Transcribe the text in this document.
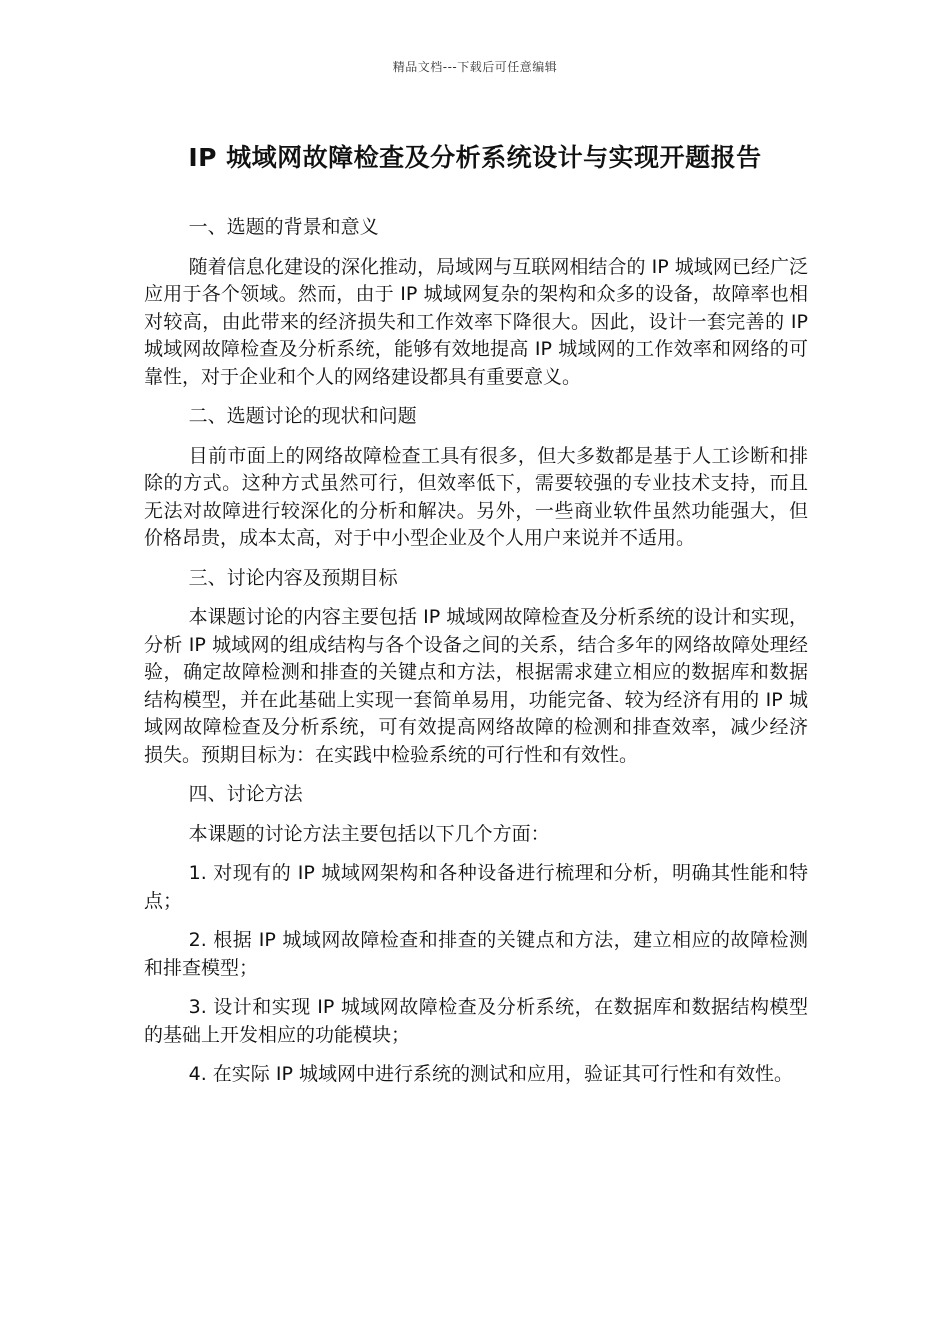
精品文档---下载后可任意编辑
IP 城域网故障检查及分析系统设计与实现开题报告

一、选题的背景和意义

随着信息化建设的深化推动，局域网与互联网相结合的 IP 城域网已经广泛应用于各个领域。然而，由于 IP 城域网复杂的架构和众多的设备，故障率也相对较高，由此带来的经济损失和工作效率下降很大。因此，设计一套完善的 IP 城域网故障检查及分析系统，能够有效地提高 IP 城域网的工作效率和网络的可靠性，对于企业和个人的网络建设都具有重要意义。

二、选题讨论的现状和问题

目前市面上的网络故障检查工具有很多，但大多数都是基于人工诊断和排除的方式。这种方式虽然可行，但效率低下，需要较强的专业技术支持，而且无法对故障进行较深化的分析和解决。另外，一些商业软件虽然功能强大，但价格昂贵，成本太高，对于中小型企业及个人用户来说并不适用。

三、讨论内容及预期目标

本课题讨论的内容主要包括 IP 城域网故障检查及分析系统的设计和实现，分析 IP 城域网的组成结构与各个设备之间的关系，结合多年的网络故障处理经验，确定故障检测和排查的关键点和方法，根据需求建立相应的数据库和数据结构模型，并在此基础上实现一套简单易用，功能完备、较为经济有用的 IP 城域网故障检查及分析系统，可有效提高网络故障的检测和排查效率，减少经济损失。预期目标为：在实践中检验系统的可行性和有效性。

四、讨论方法

本课题的讨论方法主要包括以下几个方面：

1. 对现有的 IP 城域网架构和各种设备进行梳理和分析，明确其性能和特点；

2. 根据 IP 城域网故障检查和排查的关键点和方法，建立相应的故障检测和排查模型；

3. 设计和实现 IP 城域网故障检查及分析系统，在数据库和数据结构模型的基础上开发相应的功能模块；

4. 在实际 IP 城域网中进行系统的测试和应用，验证其可行性和有效性。
